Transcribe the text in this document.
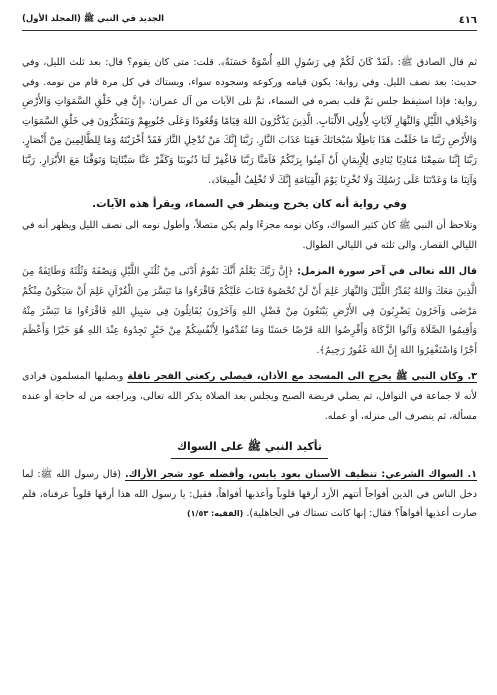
٤١٦
الجديد في النبي ﷺ (المجلد الأول)

ثم قال الصادق ﷺ: ﴿لَقَدْ كَانَ لَكُمْ فِي رَسُولِ اللهِ أُسْوَةٌ حَسَنَةٌ﴾. قلت: متى كان يقوم؟ قال: بعد ثلث الليل، وفي حديث: بعد نصف الليل. وفي رواية: يكون قيامه وركوعه وسجوده سواء، ويستاك في كل مرة قام من نومه. وفي رواية: فإذا استيقظ جلس ثمَّ قلب بصره في السماء، ثمَّ تلى الآيات من آل عمران: ﴿إِنَّ فِي خَلْقِ السَّمَوَاتِ وَالأَرْضِ وَاخْتِلَافِ اللَّيْلِ وَالنَّهَارِ لَآيَاتٍ لِأُولِي الأَلْبَابِ. الَّذِينَ يَذْكُرُونَ اللهَ قِيَامًا وَقُعُودًا وَعَلَى جُنُوبِهِمْ وَيَتَفَكَّرُونَ فِي خَلْقِ السَّمَوَاتِ وَالأَرْضِ رَبَّنَا مَا خَلَقْتَ هَذَا بَاطِلًا سُبْحَانَكَ فَقِنَا عَذَابَ النَّارِ. رَبَّنَا إِنَّكَ مَنْ تُدْخِلِ النَّارَ فَقَدْ أَخْزَيْتَهُ وَمَا لِلظَّالِمِينَ مِنْ أَنْصَارٍ. رَبَّنَا إِنَّنَا سَمِعْنَا مُنَادِيًا يُنَادِي لِلْإِيمَانِ أَنْ آمِنُوا بِرَبِّكُمْ فَآمَنَّا رَبَّنَا فَاغْفِرْ لَنَا ذُنُوبَنَا وَكَفِّرْ عَنَّا سَيِّئَاتِنَا وَتَوَفَّنَا مَعَ الأَبْرَارِ. رَبَّنَا وَآتِنَا مَا وَعَدْتَنَا عَلَى رُسُلِكَ وَلَا تُخْزِنَا يَوْمَ الْقِيَامَةِ إِنَّكَ لَا تُخْلِفُ الْمِيعَادَ﴾.

وفي رواية أنه كان يخرج وينظر في السماء، ويقرأ هذه الآيات.

وتلاحظ أن النبي ﷺ كان كثير السواك، وكان نومه مجزءًا ولم يكن متصلاً، وأطول نومه الى نصف الليل ويظهر أنه في الليالي القصار، والى ثلثه في الليالي الطوال.

قال الله تعالى في آخر سورة المزمل: ﴿إِنَّ رَبَّكَ يَعْلَمُ أَنَّكَ تَقُومُ أَدْنَى مِنْ ثُلُثَيِ اللَّيْلِ وَنِصْفَهُ وَثُلُثَهُ وَطَائِفَةٌ مِنَ الَّذِينَ مَعَكَ وَاللهُ يُقَدِّرُ اللَّيْلَ وَالنَّهَارَ عَلِمَ أَنْ لَنْ تُحْصُوهُ فَتَابَ عَلَيْكُمْ فَاقْرَءُوا مَا تَيَسَّرَ مِنَ الْقُرْآنِ عَلِمَ أَنْ سَيَكُونُ مِنْكُمْ مَرْضَى وَآخَرُونَ يَضْرِبُونَ فِي الأَرْضِ يَبْتَغُونَ مِنْ فَضْلِ اللهِ وَآخَرُونَ يُقَاتِلُونَ فِي سَبِيلِ اللهِ فَاقْرَءُوا مَا تَيَسَّرَ مِنْهُ وَأَقِيمُوا الصَّلَاةَ وَآتُوا الزَّكَاةَ وَأَقْرِضُوا اللهَ قَرْضًا حَسَنًا وَمَا تُقَدِّمُوا لِأَنْفُسِكُمْ مِنْ خَيْرٍ تَجِدُوهُ عِنْدَ اللهِ هُوَ خَيْرًا وَأَعْظَمَ أَجْرًا وَاسْتَغْفِرُوا اللهَ إِنَّ اللهَ غَفُورٌ رَحِيمٌ﴾.

٣. وكان النبي ﷺ يخرج الى المسجد مع الأذان، فيصلي ركعتي الفجر نافلة وبصليها المسلمون فرادى لأنه لا جماعة في النوافل، ثم يصلي فريضة الصبح ويجلس بعد الصلاة يذكر الله تعالى، ويراجعه من له حاجة أو عنده مسألة، ثم ينصرف الى منزله، أو عمله.

تأكيد النبي ﷺ على السواك

١. السواك الشرعي: تنظيف الأسنان بعود يابس، وأفضله عود شجر الأراك. (قال رسول الله ﷺ: لما دخل الناس في الدين أفواجاً أتتهم الأزد أرقها قلوباً وأعذبها أفواهاً، فقيل: يا رسول الله هذا أرقها قلوباً عرفناه، فلم صارت أعذبها أفواهاً؟ فقال: إنها كانت تستاك في الجاهلية). (الفقيه: ١/٥٣)
